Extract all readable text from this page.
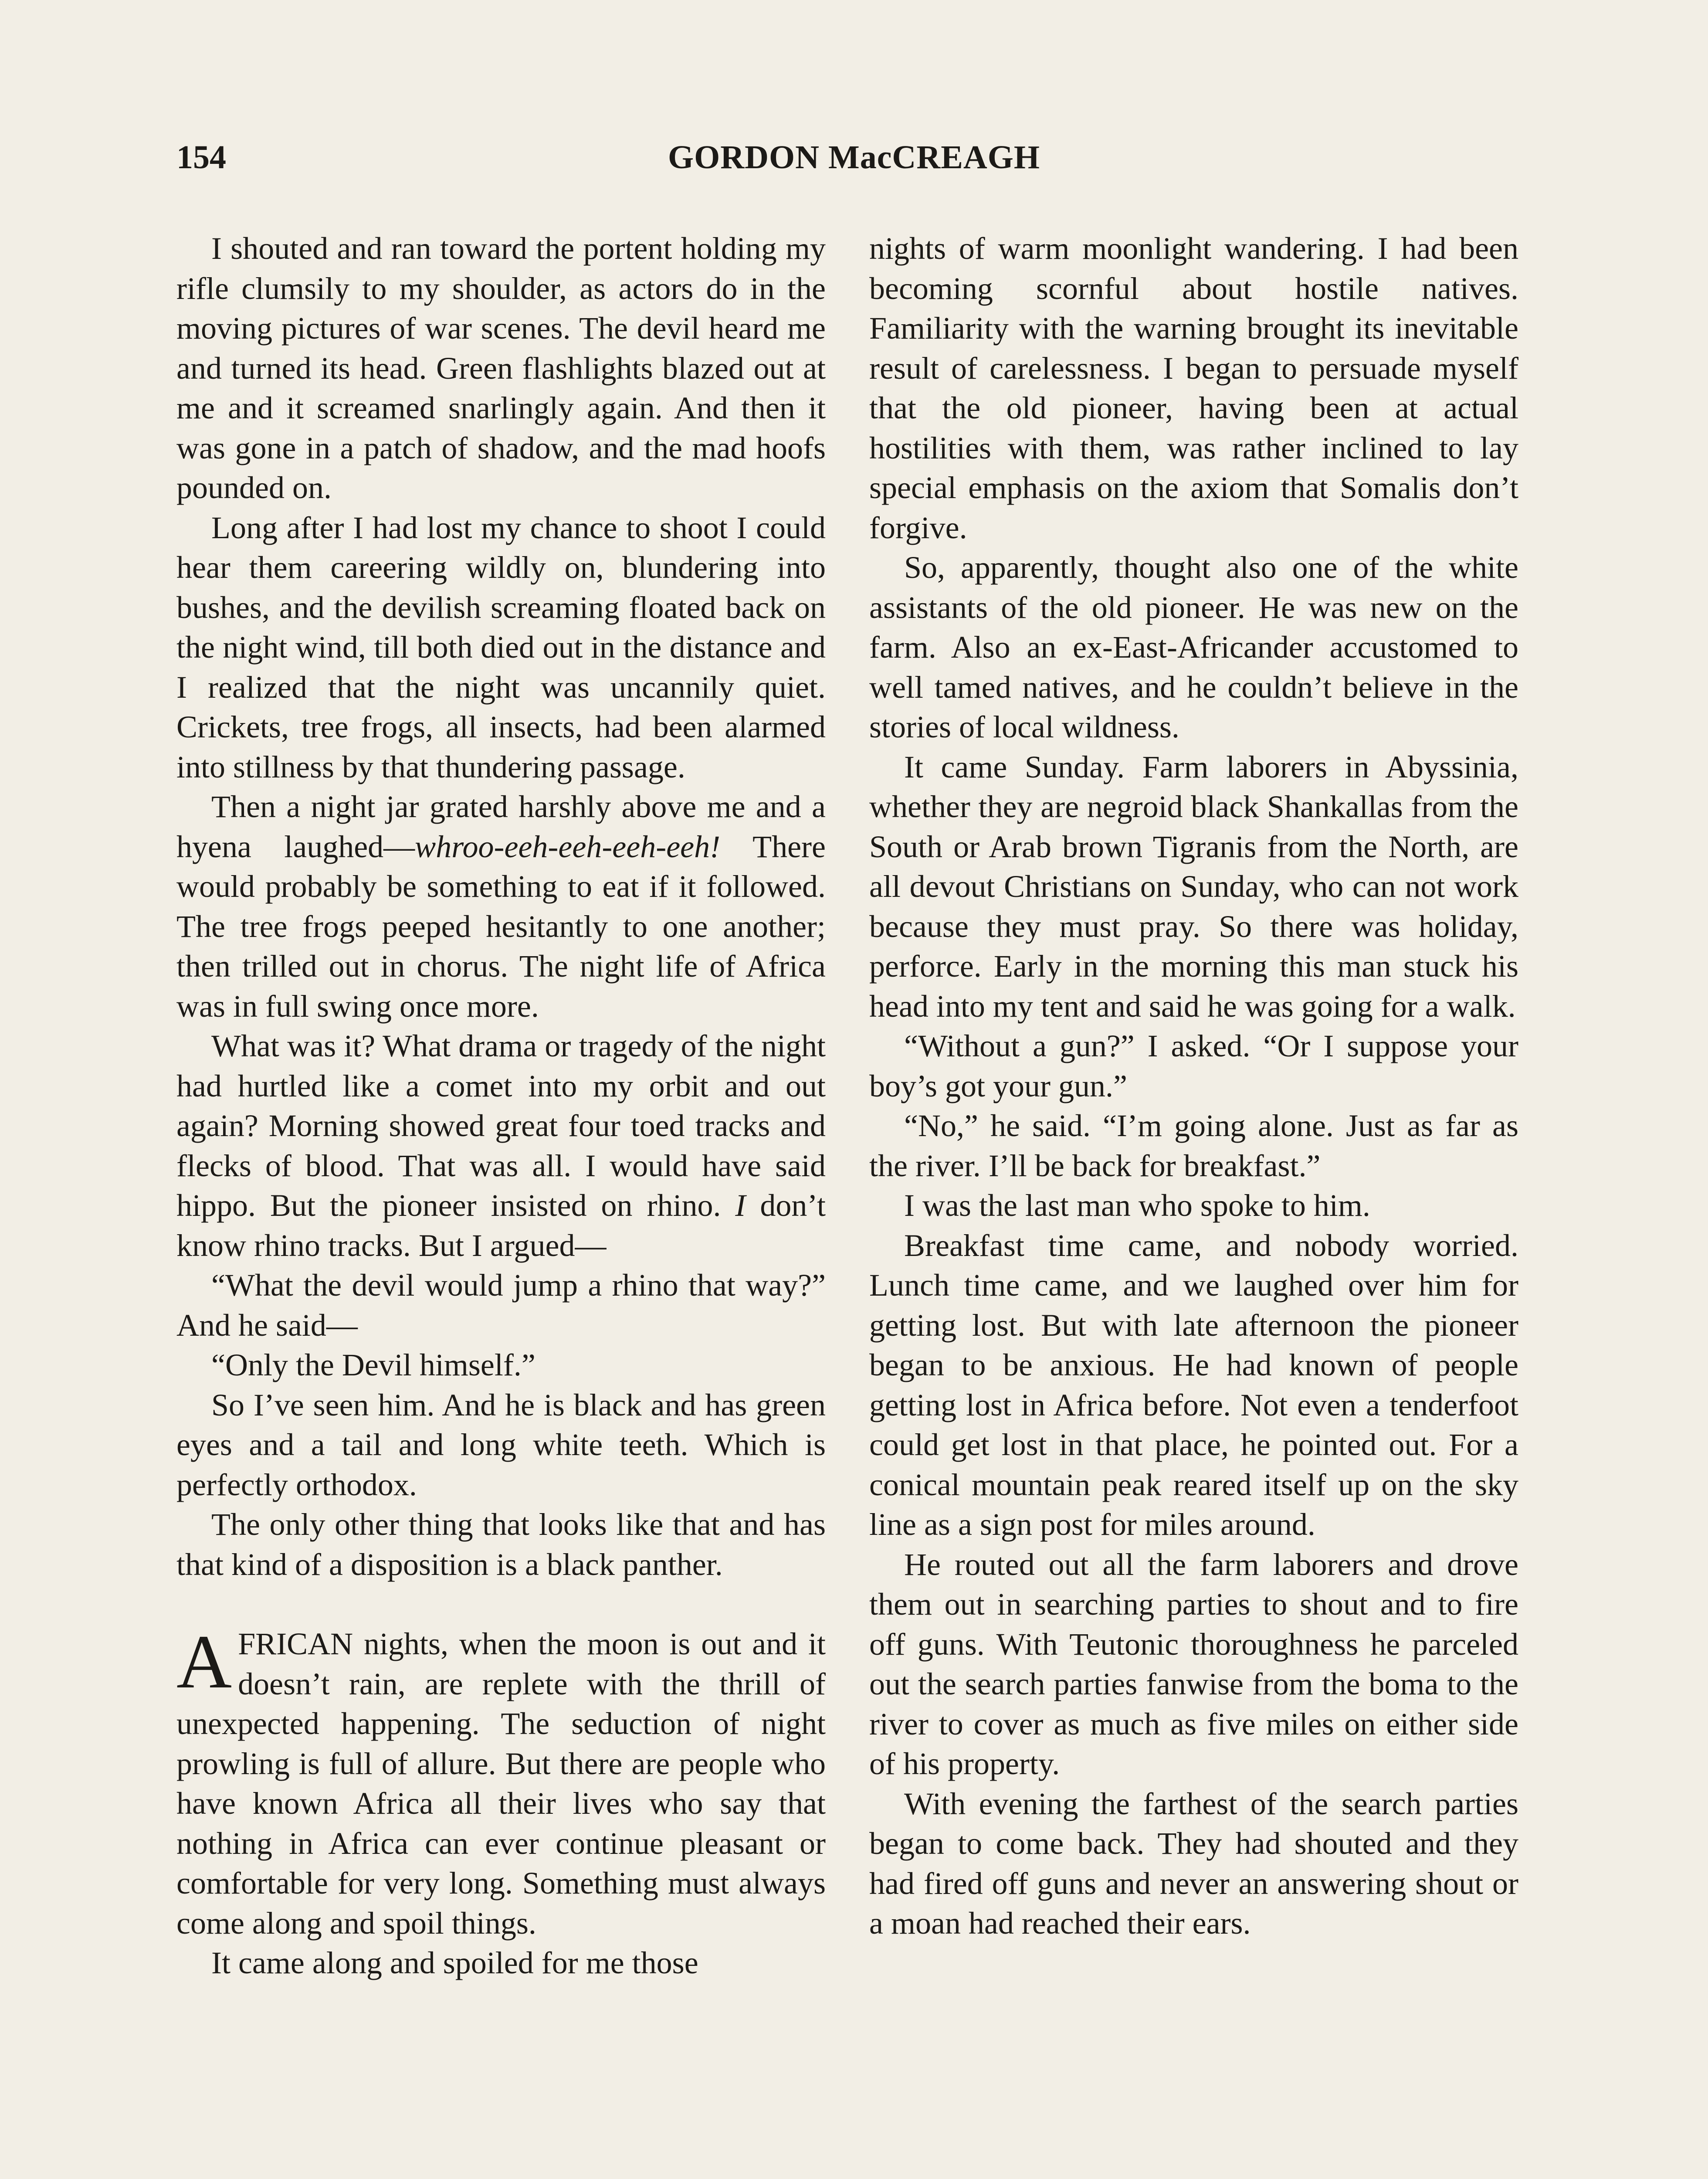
154	GORDON MacCREAGH

I shouted and ran toward the portent holding my rifle clumsily to my shoulder, as actors do in the moving pictures of war scenes. The devil heard me and turned its head. Green flashlights blazed out at me and it screamed snarlingly again. And then it was gone in a patch of shadow, and the mad hoofs pounded on.

Long after I had lost my chance to shoot I could hear them careering wildly on, blundering into bushes, and the devilish screaming floated back on the night wind, till both died out in the distance and I realized that the night was uncannily quiet. Crickets, tree frogs, all insects, had been alarmed into stillness by that thundering passage.

Then a night jar grated harshly above me and a hyena laughed—whroo-eeh-eeh-eeh-eeh! There would probably be something to eat if it followed. The tree frogs peeped hesitantly to one another; then trilled out in chorus. The night life of Africa was in full swing once more.

What was it? What drama or tragedy of the night had hurtled like a comet into my orbit and out again? Morning showed great four toed tracks and flecks of blood. That was all. I would have said hippo. But the pioneer insisted on rhino. I don’t know rhino tracks. But I argued—

“What the devil would jump a rhino that way?” And he said—

“Only the Devil himself.”

So I’ve seen him. And he is black and has green eyes and a tail and long white teeth. Which is perfectly orthodox.

The only other thing that looks like that and has that kind of a disposition is a black panther.

AFRICAN nights, when the moon is out and it doesn’t rain, are replete with the thrill of unexpected happening. The seduction of night prowling is full of allure. But there are people who have known Africa all their lives who say that nothing in Africa can ever continue pleasant or comfortable for very long. Something must always come along and spoil things.

It came along and spoiled for me those

nights of warm moonlight wandering. I had been becoming scornful about hostile natives. Familiarity with the warning brought its inevitable result of carelessness. I began to persuade myself that the old pioneer, having been at actual hostilities with them, was rather inclined to lay special emphasis on the axiom that Somalis don’t forgive.

So, apparently, thought also one of the white assistants of the old pioneer. He was new on the farm. Also an ex-East-Africander accustomed to well tamed natives, and he couldn’t believe in the stories of local wildness.

It came Sunday. Farm laborers in Abyssinia, whether they are negroid black Shankallas from the South or Arab brown Tigranis from the North, are all devout Christians on Sunday, who can not work because they must pray. So there was holiday, perforce. Early in the morning this man stuck his head into my tent and said he was going for a walk.

“Without a gun?” I asked. “Or I suppose your boy’s got your gun.”

“No,” he said. “I’m going alone. Just as far as the river. I’ll be back for breakfast.”

I was the last man who spoke to him.

Breakfast time came, and nobody worried. Lunch time came, and we laughed over him for getting lost. But with late afternoon the pioneer began to be anxious. He had known of people getting lost in Africa before. Not even a tenderfoot could get lost in that place, he pointed out. For a conical mountain peak reared itself up on the sky line as a sign post for miles around.

He routed out all the farm laborers and drove them out in searching parties to shout and to fire off guns. With Teutonic thoroughness he parceled out the search parties fanwise from the boma to the river to cover as much as five miles on either side of his property.

With evening the farthest of the search parties began to come back. They had shouted and they had fired off guns and never an answering shout or a moan had reached their ears.
